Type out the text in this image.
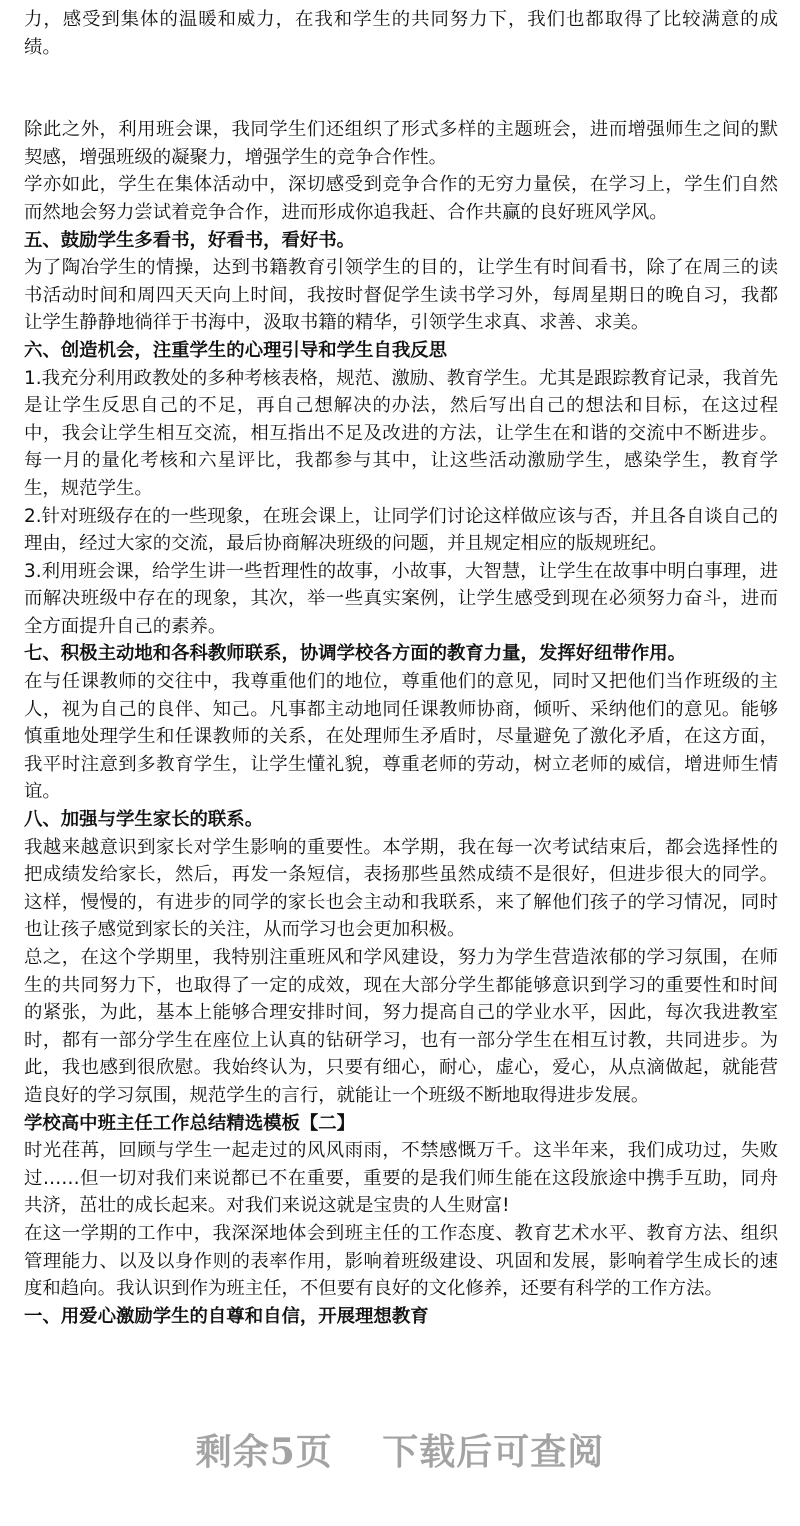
力，感受到集体的温暖和威力，在我和学生的共同努力下，我们也都取得了比较满意的成绩。

除此之外，利用班会课，我同学生们还组织了形式多样的主题班会，进而增强师生之间的默契感，增强班级的凝聚力，增强学生的竞争合作性。

学亦如此，学生在集体活动中，深切感受到竞争合作的无穷力量侯，在学习上，学生们自然而然地会努力尝试着竞争合作，进而形成你追我赶、合作共赢的良好班风学风。

五、鼓励学生多看书，好看书，看好书。

为了陶冶学生的情操，达到书籍教育引领学生的目的，让学生有时间看书，除了在周三的读书活动时间和周四天天向上时间，我按时督促学生读书学习外，每周星期日的晚自习，我都让学生静静地徜徉于书海中，汲取书籍的精华，引领学生求真、求善、求美。

六、创造机会，注重学生的心理引导和学生自我反思

1.我充分利用政教处的多种考核表格，规范、激励、教育学生。尤其是跟踪教育记录，我首先是让学生反思自己的不足，再自己想解决的办法，然后写出自己的想法和目标，在这过程中，我会让学生相互交流，相互指出不足及改进的方法，让学生在和谐的交流中不断进步。每一月的量化考核和六星评比，我都参与其中，让这些活动激励学生，感染学生，教育学生，规范学生。

2.针对班级存在的一些现象，在班会课上，让同学们讨论这样做应该与否，并且各自谈自己的理由，经过大家的交流，最后协商解决班级的问题，并且规定相应的版规班纪。

3.利用班会课，给学生讲一些哲理性的故事，小故事，大智慧，让学生在故事中明白事理，进而解决班级中存在的现象，其次，举一些真实案例，让学生感受到现在必须努力奋斗，进而全方面提升自己的素养。

七、积极主动地和各科教师联系，协调学校各方面的教育力量，发挥好纽带作用。

在与任课教师的交往中，我尊重他们的地位，尊重他们的意见，同时又把他们当作班级的主人，视为自己的良伴、知己。凡事都主动地同任课教师协商，倾听、采纳他们的意见。能够慎重地处理学生和任课教师的关系，在处理师生矛盾时，尽量避免了激化矛盾，在这方面，我平时注意到多教育学生，让学生懂礼貌，尊重老师的劳动，树立老师的威信，增进师生情谊。

八、加强与学生家长的联系。

我越来越意识到家长对学生影响的重要性。本学期，我在每一次考试结束后，都会选择性的把成绩发给家长，然后，再发一条短信，表扬那些虽然成绩不是很好，但进步很大的同学。这样，慢慢的，有进步的同学的家长也会主动和我联系，来了解他们孩子的学习情况，同时也让孩子感觉到家长的关注，从而学习也会更加积极。

总之，在这个学期里，我特别注重班风和学风建设，努力为学生营造浓郁的学习氛围，在师生的共同努力下，也取得了一定的成效，现在大部分学生都能够意识到学习的重要性和时间的紧张，为此，基本上能够合理安排时间，努力提高自己的学业水平，因此，每次我进教室时，都有一部分学生在座位上认真的钻研学习，也有一部分学生在相互讨教，共同进步。为此，我也感到很欣慰。我始终认为，只要有细心，耐心，虚心，爱心，从点滴做起，就能营造良好的学习氛围，规范学生的言行，就能让一个班级不断地取得进步发展。

学校高中班主任工作总结精选模板【二】

时光荏苒，回顾与学生一起走过的风风雨雨，不禁感慨万千。这半年来，我们成功过，失败过……但一切对我们来说都已不在重要，重要的是我们师生能在这段旅途中携手互助，同舟共济，茁壮的成长起来。对我们来说这就是宝贵的人生财富!

在这一学期的工作中，我深深地体会到班主任的工作态度、教育艺术水平、教育方法、组织管理能力、以及以身作则的表率作用，影响着班级建设、巩固和发展，影响着学生成长的速度和趋向。我认识到作为班主任，不但要有良好的文化修养，还要有科学的工作方法。

一、用爱心激励学生的自尊和自信，开展理想教育

剩余5页 下载后可查阅
